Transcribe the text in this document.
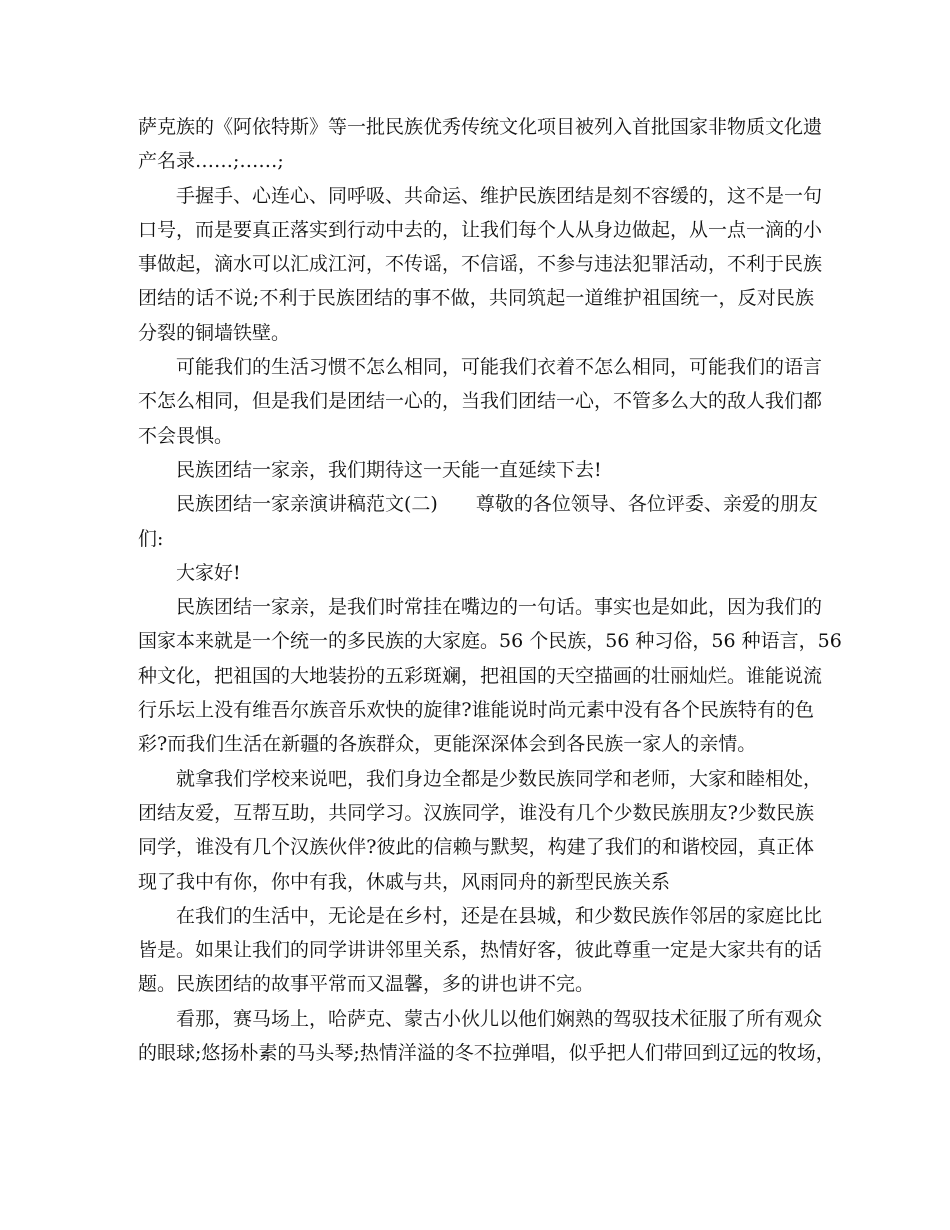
萨克族的《阿依特斯》等一批民族优秀传统文化项目被列入首批国家非物质文化遗
产名录……;……;
手握手、心连心、同呼吸、共命运、维护民族团结是刻不容缓的，这不是一句
口号，而是要真正落实到行动中去的，让我们每个人从身边做起，从一点一滴的小
事做起，滴水可以汇成江河，不传谣，不信谣，不参与违法犯罪活动，不利于民族
团结的话不说;不利于民族团结的事不做，共同筑起一道维护祖国统一，反对民族
分裂的铜墙铁壁。
可能我们的生活习惯不怎么相同，可能我们衣着不怎么相同，可能我们的语言
不怎么相同，但是我们是团结一心的，当我们团结一心，不管多么大的敌人我们都
不会畏惧。
民族团结一家亲，我们期待这一天能一直延续下去!
民族团结一家亲演讲稿范文(二)　　尊敬的各位领导、各位评委、亲爱的朋友
们:
大家好!
民族团结一家亲，是我们时常挂在嘴边的一句话。事实也是如此，因为我们的
国家本来就是一个统一的多民族的大家庭。56 个民族，56 种习俗，56 种语言，56
种文化，把祖国的大地装扮的五彩斑斓，把祖国的天空描画的壮丽灿烂。谁能说流
行乐坛上没有维吾尔族音乐欢快的旋律?谁能说时尚元素中没有各个民族特有的色
彩?而我们生活在新疆的各族群众，更能深深体会到各民族一家人的亲情。
就拿我们学校来说吧，我们身边全都是少数民族同学和老师，大家和睦相处，
团结友爱，互帮互助，共同学习。汉族同学，谁没有几个少数民族朋友?少数民族
同学，谁没有几个汉族伙伴?彼此的信赖与默契，构建了我们的和谐校园，真正体
现了我中有你，你中有我，休戚与共，风雨同舟的新型民族关系
在我们的生活中，无论是在乡村，还是在县城，和少数民族作邻居的家庭比比
皆是。如果让我们的同学讲讲邻里关系，热情好客，彼此尊重一定是大家共有的话
题。民族团结的故事平常而又温馨，多的讲也讲不完。
看那，赛马场上，哈萨克、蒙古小伙儿以他们娴熟的驾驭技术征服了所有观众
的眼球;悠扬朴素的马头琴;热情洋溢的冬不拉弹唱，似乎把人们带回到辽远的牧场，
